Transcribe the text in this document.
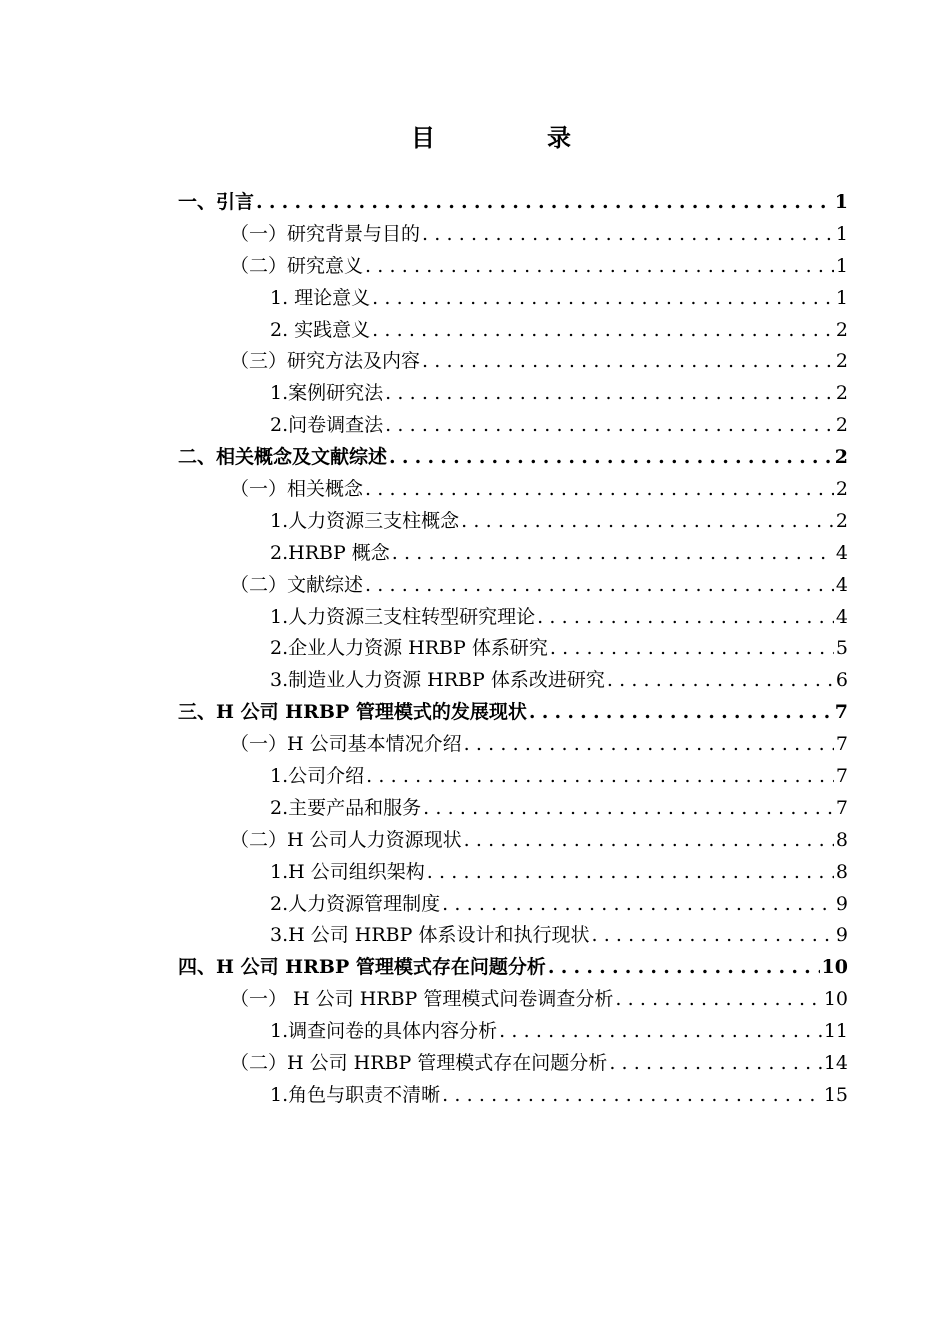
目　录
一、引言 .....	1
（一）研究背景与目的 .....	1
（二）研究意义 .....	1
1. 理论意义 .....	1
2. 实践意义 .....	2
（三）研究方法及内容 .....	2
1.案例研究法 .....	2
2.问卷调查法 .....	2
二、相关概念及文献综述 .....	2
（一）相关概念 .....	2
1.人力资源三支柱概念 .....	2
2.HRBP 概念 .....	4
（二）文献综述 .....	4
1.人力资源三支柱转型研究理论 .....	4
2.企业人力资源 HRBP 体系研究 .....	5
3.制造业人力资源 HRBP 体系改进研究 .....	6
三、H 公司 HRBP 管理模式的发展现状 .....	7
（一）H 公司基本情况介绍 .....	7
1.公司介绍 .....	7
2.主要产品和服务 .....	7
（二）H 公司人力资源现状 .....	8
1.H 公司组织架构 .....	8
2.人力资源管理制度 .....	9
3.H 公司 HRBP 体系设计和执行现状 .....	9
四、H 公司 HRBP 管理模式存在问题分析 .....	10
（一） H 公司 HRBP 管理模式问卷调查分析 .....	10
1.调查问卷的具体内容分析 .....	11
（二）H 公司 HRBP 管理模式存在问题分析 .....	14
1.角色与职责不清晰 .....	15
